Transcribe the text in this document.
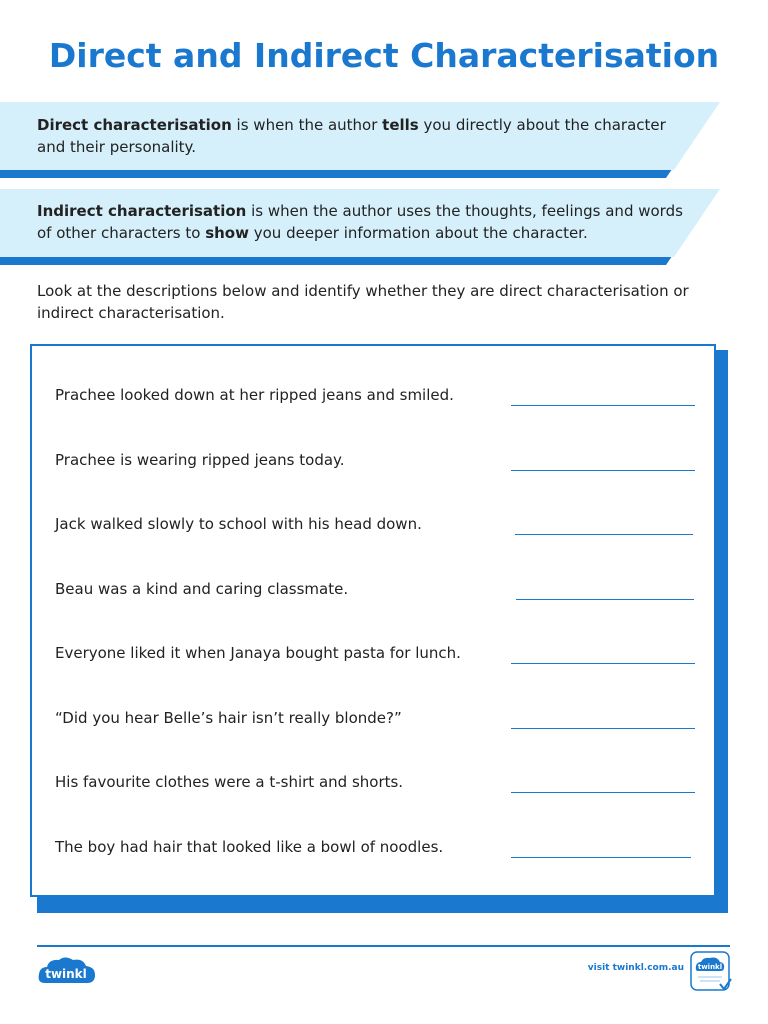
Direct and Indirect Characterisation
Direct characterisation is when the author tells you directly about the character and their personality.
Indirect characterisation is when the author uses the thoughts, feelings and words of other characters to show you deeper information about the character.
Look at the descriptions below and identify whether they are direct characterisation or indirect characterisation.
Prachee looked down at her ripped jeans and smiled.
Prachee is wearing ripped jeans today.
Jack walked slowly to school with his head down.
Beau was a kind and caring classmate.
Everyone liked it when Janaya bought pasta for lunch.
“Did you hear Belle’s hair isn’t really blonde?”
His favourite clothes were a t-shirt and shorts.
The boy had hair that looked like a bowl of noodles.
twinkl	visit twinkl.com.au twinkl
